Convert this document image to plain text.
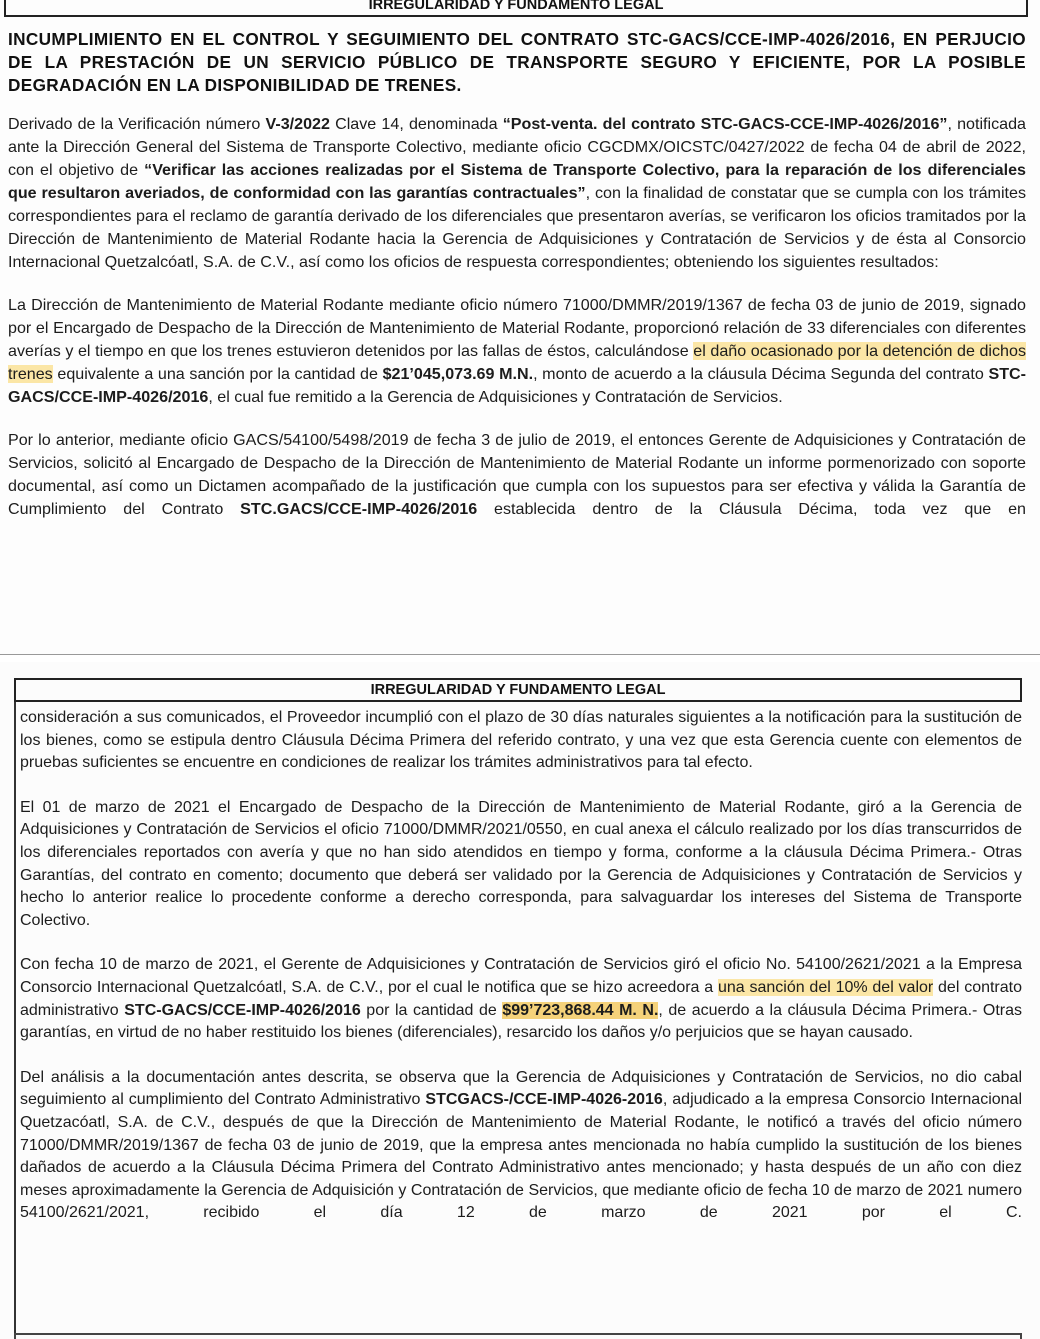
IRREGULARIDAD Y FUNDAMENTO LEGAL
INCUMPLIMIENTO EN EL CONTROL Y SEGUIMIENTO DEL CONTRATO STC-GACS/CCE-IMP-4026/2016, EN PERJUCIO DE LA PRESTACIÓN DE UN SERVICIO PÚBLICO DE TRANSPORTE SEGURO Y EFICIENTE, POR LA POSIBLE DEGRADACIÓN EN LA DISPONIBILIDAD DE TRENES.

Derivado de la Verificación número V-3/2022 Clave 14, denominada “Post-venta. del contrato STC-GACS-CCE-IMP-4026/2016”, notificada ante la Dirección General del Sistema de Transporte Colectivo, mediante oficio CGCDMX/OICSTC/0427/2022 de fecha 04 de abril de 2022, con el objetivo de “Verificar las acciones realizadas por el Sistema de Transporte Colectivo, para la reparación de los diferenciales que resultaron averiados, de conformidad con las garantías contractuales”, con la finalidad de constatar que se cumpla con los trámites correspondientes para el reclamo de garantía derivado de los diferenciales que presentaron averías, se verificaron los oficios tramitados por la Dirección de Mantenimiento de Material Rodante hacia la Gerencia de Adquisiciones y Contratación de Servicios y de ésta al Consorcio Internacional Quetzalcóatl, S.A. de C.V., así como los oficios de respuesta correspondientes; obteniendo los siguientes resultados:

La Dirección de Mantenimiento de Material Rodante mediante oficio número 71000/DMMR/2019/1367 de fecha 03 de junio de 2019, signado por el Encargado de Despacho de la Dirección de Mantenimiento de Material Rodante, proporcionó relación de 33 diferenciales con diferentes averías y el tiempo en que los trenes estuvieron detenidos por las fallas de éstos, calculándose el daño ocasionado por la detención de dichos trenes equivalente a una sanción por la cantidad de $21’045,073.69 M.N., monto de acuerdo a la cláusula Décima Segunda del contrato STC-GACS/CCE-IMP-4026/2016, el cual fue remitido a la Gerencia de Adquisiciones y Contratación de Servicios.

Por lo anterior, mediante oficio GACS/54100/5498/2019 de fecha 3 de julio de 2019, el entonces Gerente de Adquisiciones y Contratación de Servicios, solicitó al Encargado de Despacho de la Dirección de Mantenimiento de Material Rodante un informe pormenorizado con soporte documental, así como un Dictamen acompañado de la justificación que cumpla con los supuestos para ser efectiva y válida la Garantía de Cumplimiento del Contrato STC.GACS/CCE-IMP-4026/2016 establecida dentro de la Cláusula Décima, toda vez que en

IRREGULARIDAD Y FUNDAMENTO LEGAL

consideración a sus comunicados, el Proveedor incumplió con el plazo de 30 días naturales siguientes a la notificación para la sustitución de los bienes, como se estipula dentro Cláusula Décima Primera del referido contrato, y una vez que esta Gerencia cuente con elementos de pruebas suficientes se encuentre en condiciones de realizar los trámites administrativos para tal efecto.

El 01 de marzo de 2021 el Encargado de Despacho de la Dirección de Mantenimiento de Material Rodante, giró a la Gerencia de Adquisiciones y Contratación de Servicios el oficio 71000/DMMR/2021/0550, en cual anexa el cálculo realizado por los días transcurridos de los diferenciales reportados con avería y que no han sido atendidos en tiempo y forma, conforme a la cláusula Décima Primera.- Otras Garantías, del contrato en comento; documento que deberá ser validado por la Gerencia de Adquisiciones y Contratación de Servicios y hecho lo anterior realice lo procedente conforme a derecho corresponda, para salvaguardar los intereses del Sistema de Transporte Colectivo.

Con fecha 10 de marzo de 2021, el Gerente de Adquisiciones y Contratación de Servicios giró el oficio No. 54100/2621/2021 a la Empresa Consorcio Internacional Quetzalcóatl, S.A. de C.V., por el cual le notifica que se hizo acreedora a una sanción del 10% del valor del contrato administrativo STC-GACS/CCE-IMP-4026/2016 por la cantidad de $99’723,868.44 M. N., de acuerdo a la cláusula Décima Primera.- Otras garantías, en virtud de no haber restituido los bienes (diferenciales), resarcido los daños y/o perjuicios que se hayan causado.

Del análisis a la documentación antes descrita, se observa que la Gerencia de Adquisiciones y Contratación de Servicios, no dio cabal seguimiento al cumplimiento del Contrato Administrativo STCGACS-/CCE-IMP-4026-2016, adjudicado a la empresa Consorcio Internacional Quetzacóatl, S.A. de C.V., después de que la Dirección de Mantenimiento de Material Rodante, le notificó a través del oficio número 71000/DMMR/2019/1367 de fecha 03 de junio de 2019, que la empresa antes mencionada no había cumplido la sustitución de los bienes dañados de acuerdo a la Cláusula Décima Primera del Contrato Administrativo antes mencionado; y hasta después de un año con diez meses aproximadamente la Gerencia de Adquisición y Contratación de Servicios, que mediante oficio de fecha 10 de marzo de 2021 numero 54100/2621/2021, recibido el día 12 de marzo de 2021 por el C.
